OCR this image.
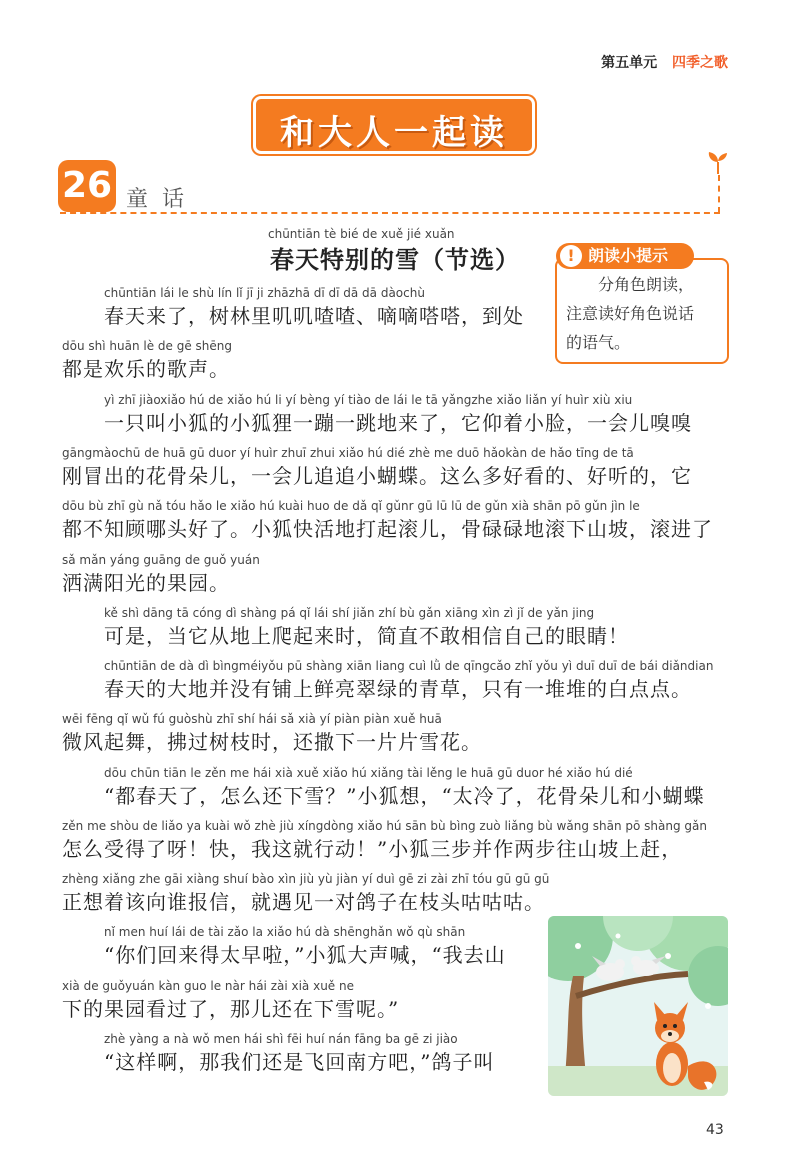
第五单元 四季之歌
和大人一起读
26 童话
chūntiān tè bié de xuě jié xuǎn
春天特别的雪（节选）	! 朗读小提示
分角色朗读，
注意读好角色说话
的语气。
chūntiān lái le shù lín lǐ jī ji zhāzhā dī dī dā dā dàochù
春天来了，树林里叽叽喳喳、嘀嘀嗒嗒，到处
dōu shì huān lè de gē shēng
都是欢乐的歌声。
yì zhī jiàoxiǎo hú de xiǎo hú li yí bèng yí tiào de lái le tā yǎngzhe xiǎo liǎn yí huìr xiù xiu
一只叫小狐的小狐狸一蹦一跳地来了，它仰着小脸，一会儿嗅嗅
gāngmàochū de huā gū duor yí huìr zhuī zhui xiǎo hú dié zhè me duō hǎokàn de hǎo tīng de tā
刚冒出的花骨朵儿，一会儿追追小蝴蝶。这么多好看的、好听的，它
dōu bù zhī gù nǎ tóu hǎo le xiǎo hú kuài huo de dǎ qǐ gǔnr gū lū lū de gǔn xià shān pō gǔn jìn le
都不知顾哪头好了。小狐快活地打起滚儿，骨碌碌地滚下山坡，滚进了
sǎ mǎn yáng guāng de guǒ yuán
洒满阳光的果园。
kě shì dāng tā cóng dì shàng pá qǐ lái shí jiǎn zhí bù gǎn xiāng xìn zì jǐ de yǎn jing
可是，当它从地上爬起来时，简直不敢相信自己的眼睛！
chūntiān de dà dì bìngméiyǒu pū shàng xiān liang cuì lǜ de qīngcǎo zhǐ yǒu yì duī duī de bái diǎndian
春天的大地并没有铺上鲜亮翠绿的青草，只有一堆堆的白点点。
wēi fēng qǐ wǔ fú guòshù zhī shí hái sǎ xià yí piàn piàn xuě huā
微风起舞，拂过树枝时，还撒下一片片雪花。
dōu chūn tiān le zěn me hái xià xuě xiǎo hú xiǎng tài lěng le huā gū duor hé xiǎo hú dié
“都春天了，怎么还下雪？”小狐想，“太冷了，花骨朵儿和小蝴蝶
zěn me shòu de liǎo ya kuài wǒ zhè jiù xíngdòng xiǎo hú sān bù bìng zuò liǎng bù wǎng shān pō shàng gǎn
怎么受得了呀！快，我这就行动！”小狐三步并作两步往山坡上赶，
zhèng xiǎng zhe gāi xiàng shuí bào xìn jiù yù jiàn yí duì gē zi zài zhī tóu gū gū gū
正想着该向谁报信，就遇见一对鸽子在枝头咕咕咕。
nǐ men huí lái de tài zǎo la xiǎo hú dà shēnghǎn wǒ qù shān
“你们回来得太早啦，”小狐大声喊，“我去山
xià de guǒyuán kàn guo le nàr hái zài xià xuě ne
下的果园看过了，那儿还在下雪呢。”
zhè yàng a nà wǒ men hái shì fēi huí nán fāng ba gē zi jiào
“这样啊，那我们还是飞回南方吧，”鸽子叫
43
